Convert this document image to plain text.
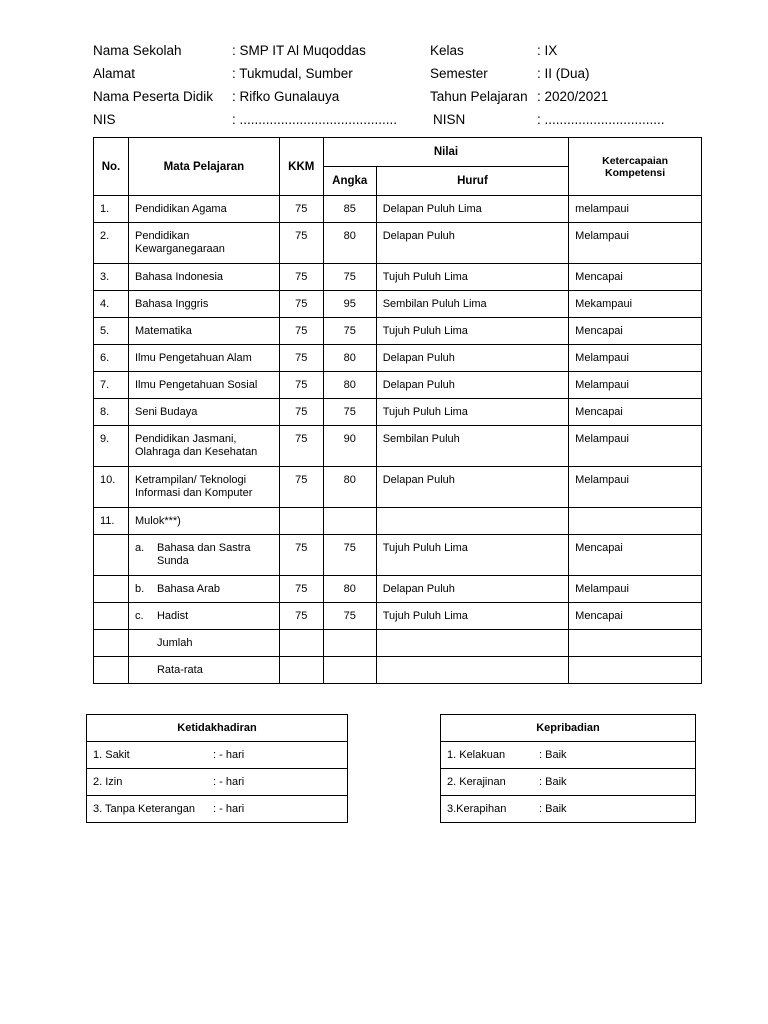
Nama Sekolah	: SMP IT Al Muqoddas	Kelas	: IX
Alamat	: Tukmudal, Sumber	Semester	: II (Dua)
Nama Peserta Didik : Rifko Gunalauya	Tahun Pelajaran : 2020/2021
NIS	: ..........................................	NISN	: ................................
No.	Mata Pelajaran	KKM	Nilai		Ketercapaian Kompetensi
			Angka	Huruf	
1.	Pendidikan Agama	75	85	Delapan Puluh Lima	melampaui
2.	Pendidikan Kewarganegaraan	75	80	Delapan Puluh	Melampaui
3.	Bahasa Indonesia	75	75	Tujuh Puluh Lima	Mencapai
4.	Bahasa Inggris	75	95	Sembilan Puluh Lima	Mekampaui
5.	Matematika	75	75	Tujuh Puluh Lima	Mencapai
6.	Ilmu Pengetahuan Alam	75	80	Delapan Puluh	Melampaui
7.	Ilmu Pengetahuan Sosial	75	80	Delapan Puluh	Melampaui
8.	Seni Budaya	75	75	Tujuh Puluh Lima	Mencapai
9.	Pendidikan Jasmani, Olahraga dan Kesehatan	75	90	Sembilan Puluh	Melampaui
10.	Ketrampilan/ Teknologi Informasi dan Komputer	75	80	Delapan Puluh	Melampaui
11.	Mulok***)				

	a. Bahasa dan Sastra Sunda	75	75	Tujuh Puluh Lima	Mencapai

	b. Bahasa Arab	75	80	Delapan Puluh	Melampaui

	c. Hadist	75	75	Tujuh Puluh Lima	Mencapai

	Jumlah				

	Rata-rata				

Ketidakhadiran
1. Sakit	: - hari
2. Izin	: - hari
3. Tanpa Keterangan : - hari
Kepribadian
1. Kelakuan	: Baik
2. Kerajinan	: Baik
3.Kerapihan	: Baik
